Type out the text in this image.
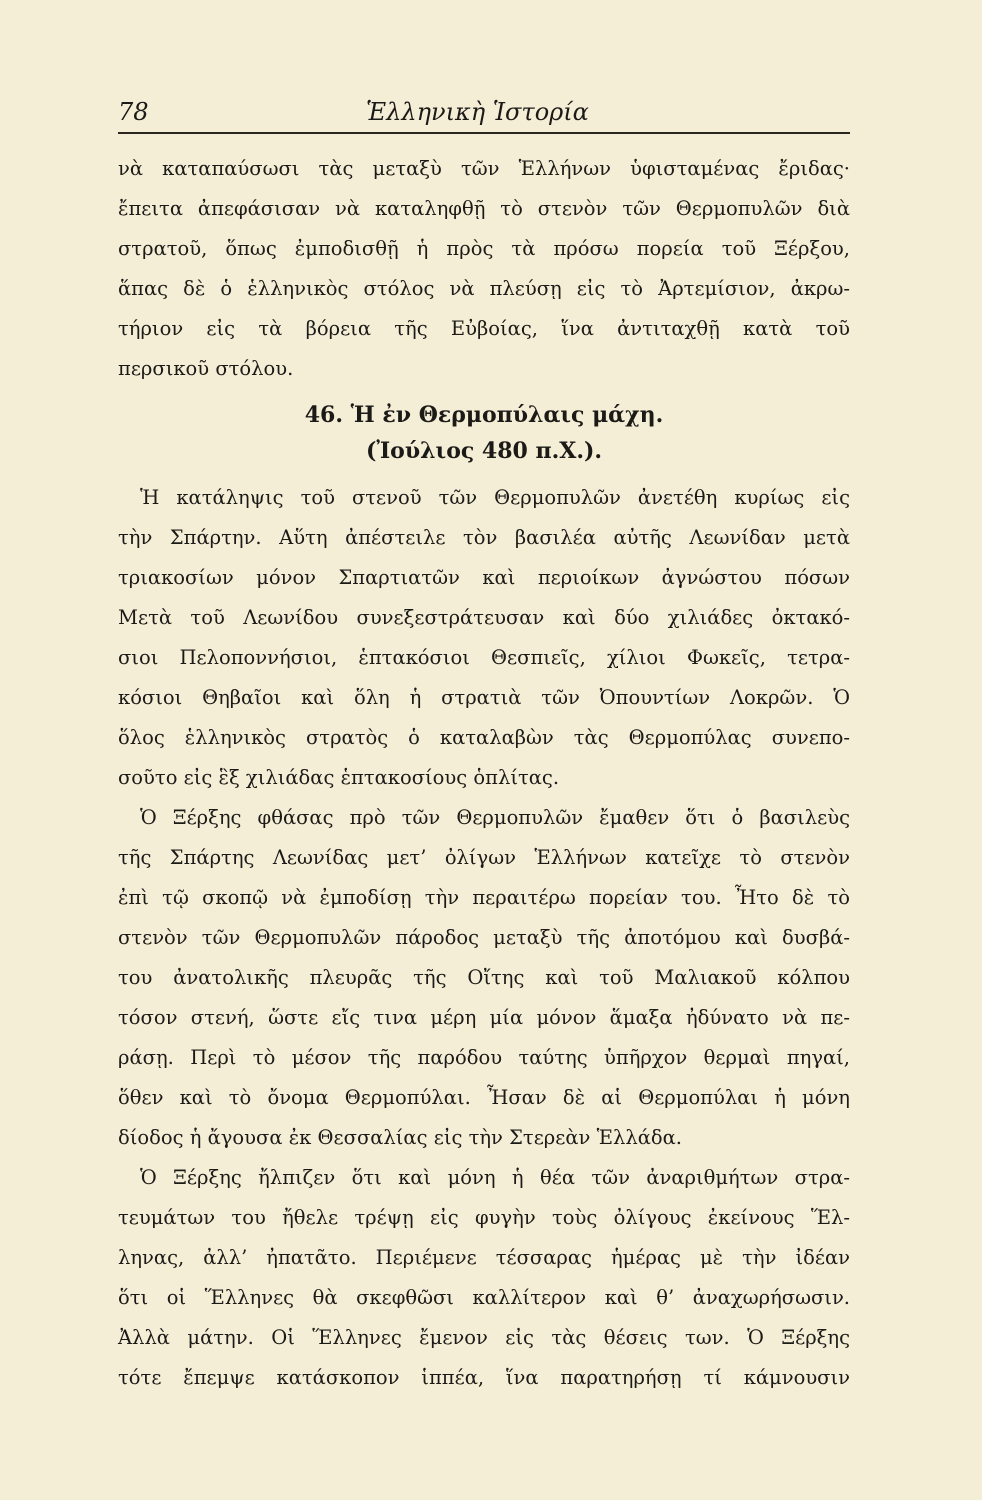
78	Ἑλληνικὴ Ἱστορία
νὰ καταπαύσωσι τὰς μεταξὺ τῶν Ἑλλήνων ὑφισταμένας ἔριδας·
ἔπειτα ἀπεφάσισαν νὰ καταληφθῇ τὸ στενὸν τῶν Θερμοπυλῶν διὰ
στρατοῦ, ὅπως ἐμποδισθῇ ἡ πρὸς τὰ πρόσω πορεία τοῦ Ξέρξου,
ἅπας δὲ ὁ ἑλληνικὸς στόλος νὰ πλεύσῃ εἰς τὸ Ἀρτεμίσιον, ἀκρω-
τήριον εἰς τὰ βόρεια τῆς Εὐβοίας, ἵνα ἀντιταχθῇ κατὰ τοῦ
περσικοῦ στόλου.
46. Ἡ ἐν Θερμοπύλαις μάχη.
(Ἰούλιος 480 π.Χ.).
Ἡ κατάληψις τοῦ στενοῦ τῶν Θερμοπυλῶν ἀνετέθη κυρίως εἰς
τὴν Σπάρτην. Αὕτη ἀπέστειλε τὸν βασιλέα αὐτῆς Λεωνίδαν μετὰ
τριακοσίων μόνον Σπαρτιατῶν καὶ περιοίκων ἀγνώστου πόσων
Μετὰ τοῦ Λεωνίδου συνεξεστράτευσαν καὶ δύο χιλιάδες ὀκτακό-
σιοι Πελοποννήσιοι, ἑπτακόσιοι Θεσπιεῖς, χίλιοι Φωκεῖς, τετρα-
κόσιοι Θηβαῖοι καὶ ὅλη ἡ στρατιὰ τῶν Ὀπουντίων Λοκρῶν. Ὁ
ὅλος ἑλληνικὸς στρατὸς ὁ καταλαβὼν τὰς Θερμοπύλας συνεπο-
σοῦτο εἰς ἓξ χιλιάδας ἑπτακοσίους ὁπλίτας.
Ὁ Ξέρξης φθάσας πρὸ τῶν Θερμοπυλῶν ἔμαθεν ὅτι ὁ βασιλεὺς
τῆς Σπάρτης Λεωνίδας μετ’ ὀλίγων Ἑλλήνων κατεῖχε τὸ στενὸν
ἐπὶ τῷ σκοπῷ νὰ ἐμποδίσῃ τὴν περαιτέρω πορείαν του. Ἦτο δὲ τὸ
στενὸν τῶν Θερμοπυλῶν πάροδος μεταξὺ τῆς ἀποτόμου καὶ δυσβά-
του ἀνατολικῆς πλευρᾶς τῆς Οἴτης καὶ τοῦ Μαλιακοῦ κόλπου
τόσον στενή, ὥστε εἴς τινα μέρη μία μόνον ἅμαξα ἠδύνατο νὰ πε-
ράσῃ. Περὶ τὸ μέσον τῆς παρόδου ταύτης ὑπῆρχον θερμαὶ πηγαί,
ὅθεν καὶ τὸ ὄνομα Θερμοπύλαι. Ἦσαν δὲ αἱ Θερμοπύλαι ἡ μόνη
δίοδος ἡ ἄγουσα ἐκ Θεσσαλίας εἰς τὴν Στερεὰν Ἑλλάδα.
Ὁ Ξέρξης ἤλπιζεν ὅτι καὶ μόνη ἡ θέα τῶν ἀναριθμήτων στρα-
τευμάτων του ἤθελε τρέψῃ εἰς φυγὴν τοὺς ὀλίγους ἐκείνους Ἕλ-
ληνας, ἀλλ’ ἠπατᾶτο. Περιέμενε τέσσαρας ἡμέρας μὲ τὴν ἰδέαν
ὅτι οἱ Ἕλληνες θὰ σκεφθῶσι καλλίτερον καὶ θ’ ἀναχωρήσωσιν.
Ἀλλὰ μάτην. Οἱ Ἕλληνες ἔμενον εἰς τὰς θέσεις των. Ὁ Ξέρξης
τότε ἔπεμψε κατάσκοπον ἱππέα, ἵνα παρατηρήσῃ τί κάμνουσιν
